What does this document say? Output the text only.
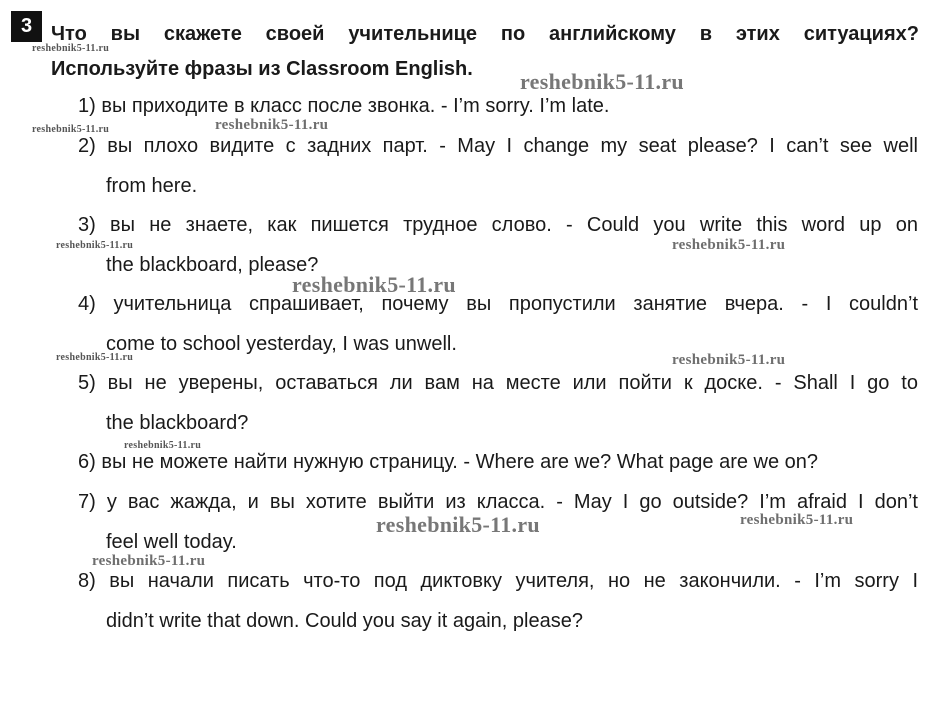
3 Что вы скажете своей учительнице по английскому в этих ситуациях?

Используйте фразы из Classroom English.

1) вы приходите в класс после звонка. - I’m sorry. I’m late.
2) вы плохо видите с задних парт. - May I change my seat please? I can’t see well
from here.
3) вы не знаете, как пишется трудное слово. - Could you write this word up on
the blackboard, please?
4) учительница спрашивает, почему вы пропустили занятие вчера. - I couldn’t
come to school yesterday, I was unwell.
5) вы не уверены, оставаться ли вам на месте или пойти к доске. - Shall I go to
the blackboard?
6) вы не можете найти нужную страницу. - Where are we? What page are we on?
7) у вас жажда, и вы хотите выйти из класса. - May I go outside? I’m afraid I don’t
feel well today.
8) вы начали писать что-то под диктовку учителя, но не закончили. - I’m sorry I
didn’t write that down. Could you say it again, please?
reshebnik5-11.ru
reshebnik5-11.ru
reshebnik5-11.ru	reshebnik5-11.ru
reshebnik5-11.ru	reshebnik5-11.ru
reshebnik5-11.ru
reshebnik5-11.ru	reshebnik5-11.ru
reshebnik5-11.ru
reshebnik5-11.ru	reshebnik5-11.ru
reshebnik5-11.ru
